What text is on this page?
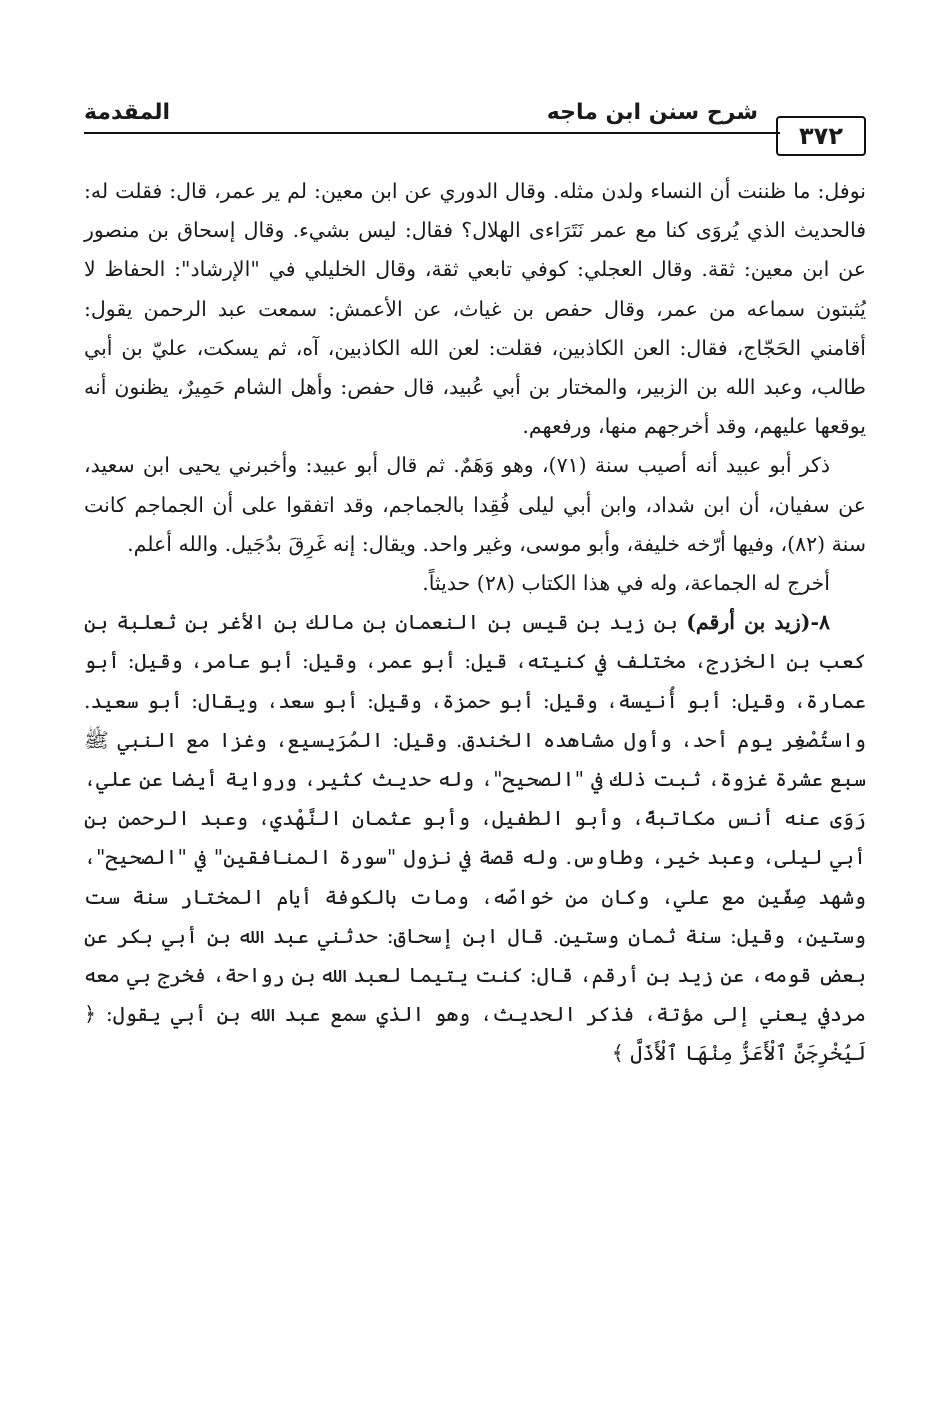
٣٧٢
شرح سنن ابن ماجه
المقدمة

نوفل: ما ظننت أن النساء ولدن مثله. وقال الدوري عن ابن معين: لم ير عمر، قال: فقلت له: فالحديث الذي يُروَى كنا مع عمر نَتَرَاءى الهلال؟ فقال: ليس بشيء. وقال إسحاق بن منصور عن ابن معين: ثقة. وقال العجلي: كوفي تابعي ثقة، وقال الخليلي في "الإرشاد": الحفاظ لا يُثبتون سماعه من عمر، وقال حفص بن غياث، عن الأعمش: سمعت عبد الرحمن يقول: أقامني الحَجّاج، فقال: العن الكاذبين، فقلت: لعن الله الكاذبين، آه، ثم يسكت، عليّ بن أبي طالب، وعبد الله بن الزبير، والمختار بن أبي عُبيد، قال حفص: وأهل الشام حَمِيرٌ، يظنون أنه يوقعها عليهم، وقد أخرجهم منها، ورفعهم.

ذكر أبو عبيد أنه أصيب سنة (٧١)، وهو وَهَمٌ. ثم قال أبو عبيد: وأخبرني يحيى ابن سعيد، عن سفيان، أن ابن شداد، وابن أبي ليلى فُقِدا بالجماجم، وقد اتفقوا على أن الجماجم كانت سنة (٨٢)، وفيها أرّخه خليفة، وأبو موسى، وغير واحد. ويقال: إنه غَرِقَ بدُجَيل. والله أعلم.

أخرج له الجماعة، وله في هذا الكتاب (٢٨) حديثاً.

٨-(زيد بن أرقم) بن زيد بن قيس بن النعمان بن مالك بن الأغر بن ثعلبة بن كعب بن الخزرج، مختلف في كنيته، قيل: أبو عمر، وقيل: أبو عامر، وقيل: أبو عمارة، وقيل: أبو أُنيسة، وقيل: أبو حمزة، وقيل: أبو سعد، ويقال: أبو سعيد. واستُصْغِر يوم أحد، وأول مشاهده الخندق. وقيل: المُرَيسيع، وغزا مع النبي ﷺ سبع عشرة غزوة، ثبت ذلك في "الصحيح"، وله حديث كثير، ورواية أيضا عن علي، رَوَى عنه أنس مكاتبةً، وأبو الطفيل، وأبو عثمان النَّهْدي، وعبد الرحمن بن أبي ليلى، وعبد خير، وطاوس. وله قصة في نزول "سورة المنافقين" في "الصحيح"، وشهد صِفّين مع علي، وكان من خواصّه، ومات بالكوفة أيام المختار سنة ست وستين، وقيل: سنة ثمان وستين. قال ابن إسحاق: حدثني عبد الله بن أبي بكر عن بعض قومه، عن زيد بن أرقم، قال: كنت يتيما لعبد الله بن رواحة، فخرج بي معه مردفي يعني إلى مؤتة، فذكر الحديث، وهو الذي سمع عبد الله بن أبي يقول: ﴿ لَيُخْرِجَنَّ ٱلْأَعَزُّ مِنْهَا ٱلْأَذَلَّ ﴾
